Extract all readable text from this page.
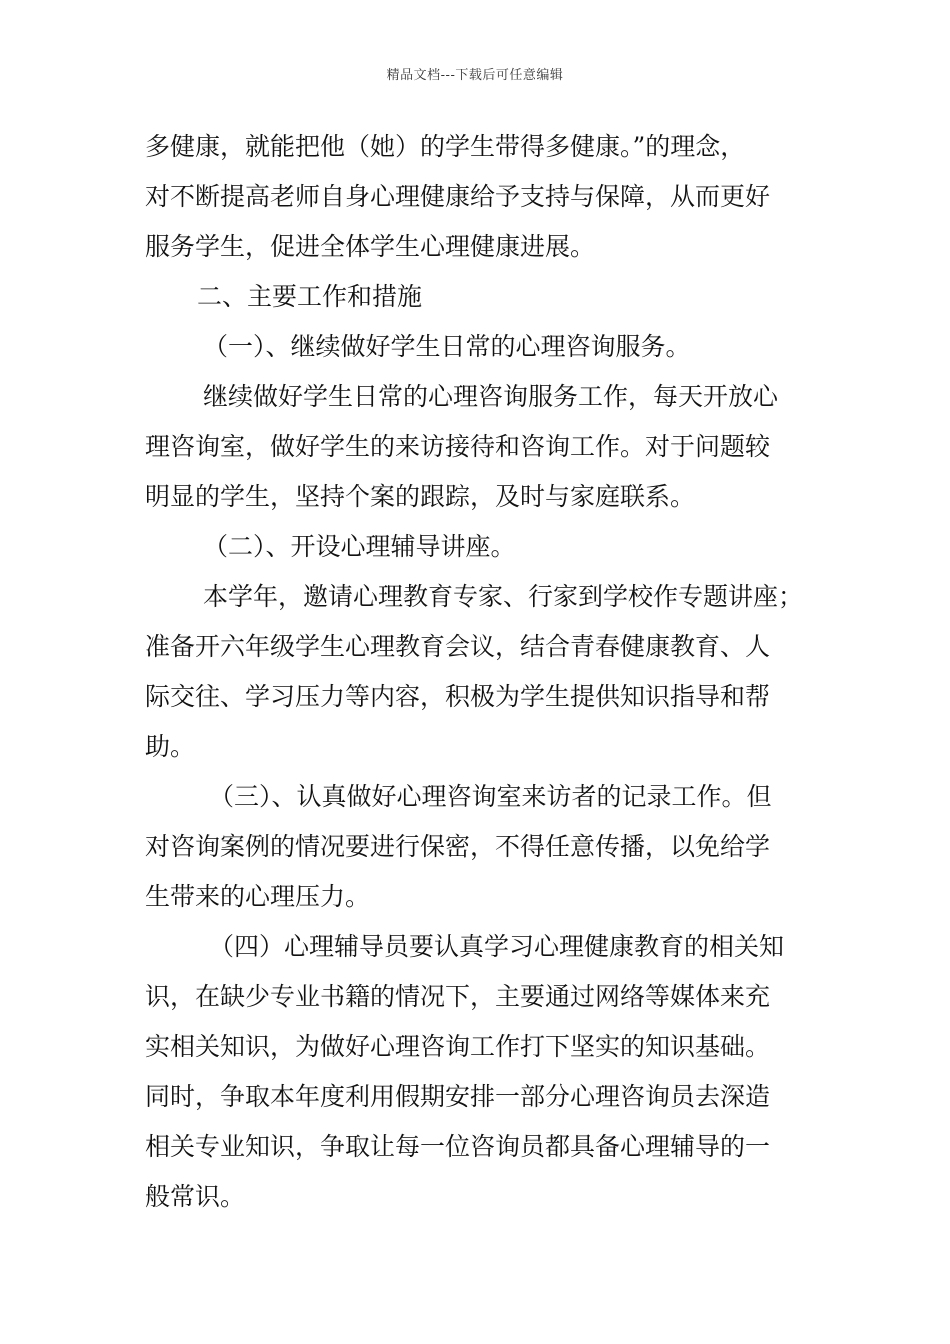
精品文档---下载后可任意编辑
多健康，就能把他（她）的学生带得多健康。”的理念，
对不断提高老师自身心理健康给予支持与保障，从而更好
服务学生，促进全体学生心理健康进展。
二、主要工作和措施
（一）、继续做好学生日常的心理咨询服务。
继续做好学生日常的心理咨询服务工作，每天开放心
理咨询室，做好学生的来访接待和咨询工作。对于问题较
明显的学生，坚持个案的跟踪，及时与家庭联系。
（二）、开设心理辅导讲座。
本学年，邀请心理教育专家、行家到学校作专题讲座；
准备开六年级学生心理教育会议，结合青春健康教育、人
际交往、学习压力等内容，积极为学生提供知识指导和帮
助。
（三）、认真做好心理咨询室来访者的记录工作。但
对咨询案例的情况要进行保密，不得任意传播，以免给学
生带来的心理压力。
（四）心理辅导员要认真学习心理健康教育的相关知
识，在缺少专业书籍的情况下，主要通过网络等媒体来充
实相关知识，为做好心理咨询工作打下坚实的知识基础。
同时，争取本年度利用假期安排一部分心理咨询员去深造
相关专业知识，争取让每一位咨询员都具备心理辅导的一
般常识。
